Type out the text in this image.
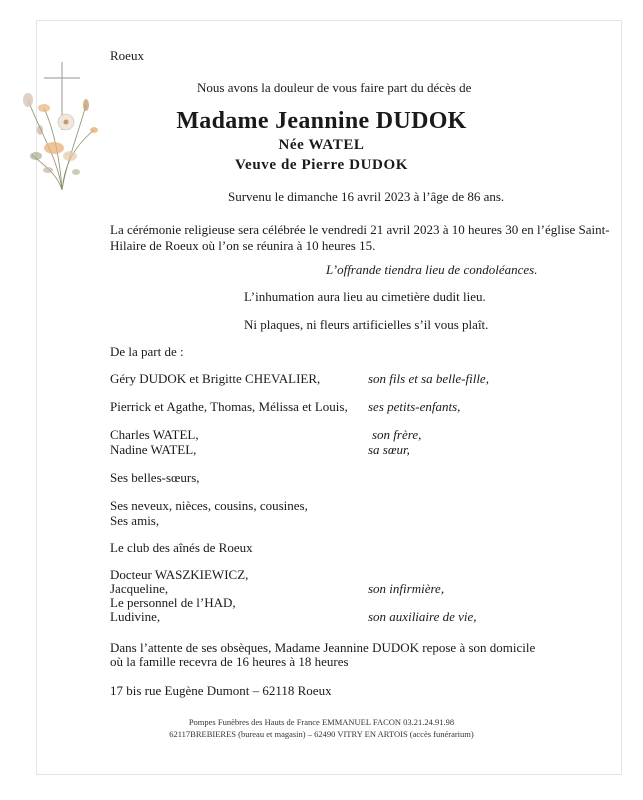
Roeux
Nous avons la douleur de vous faire part du décès de
Madame Jeannine DUDOK
Née WATEL
Veuve de Pierre DUDOK
Survenu le dimanche 16 avril 2023 à l’âge de 86 ans.
La cérémonie religieuse sera célébrée le vendredi 21 avril 2023 à 10 heures 30 en l’église Saint-
Hilaire de Roeux où l’on se réunira à 10 heures 15.
L’offrande tiendra lieu de condoléances.
L’inhumation aura lieu au cimetière dudit lieu.
Ni plaques, ni fleurs artificielles s’il vous plaît.
De la part de :
Géry DUDOK et Brigitte CHEVALIER,	son fils et sa belle-fille,
Pierrick et Agathe, Thomas, Mélissa et Louis, ses petits-enfants,
Charles WATEL,	son frère,
Nadine WATEL,	sa sœur,
Ses belles-sœurs,
Ses neveux, nièces, cousins, cousines,
Ses amis,
Le club des aînés de Roeux
Docteur WASZKIEWICZ,
Jacqueline,	son infirmière,
Le personnel de l’HAD,
Ludivine,	son auxiliaire de vie,
Dans l’attente de ses obsèques, Madame Jeannine DUDOK repose à son domicile
où la famille recevra de 16 heures à 18 heures
17 bis rue Eugène Dumont – 62118 Roeux
Pompes Funèbres des Hauts de France EMMANUEL FACON 03.21.24.91.98
62117BREBIERES (bureau et magasin) – 62490 VITRY EN ARTOIS (accès funérarium)
